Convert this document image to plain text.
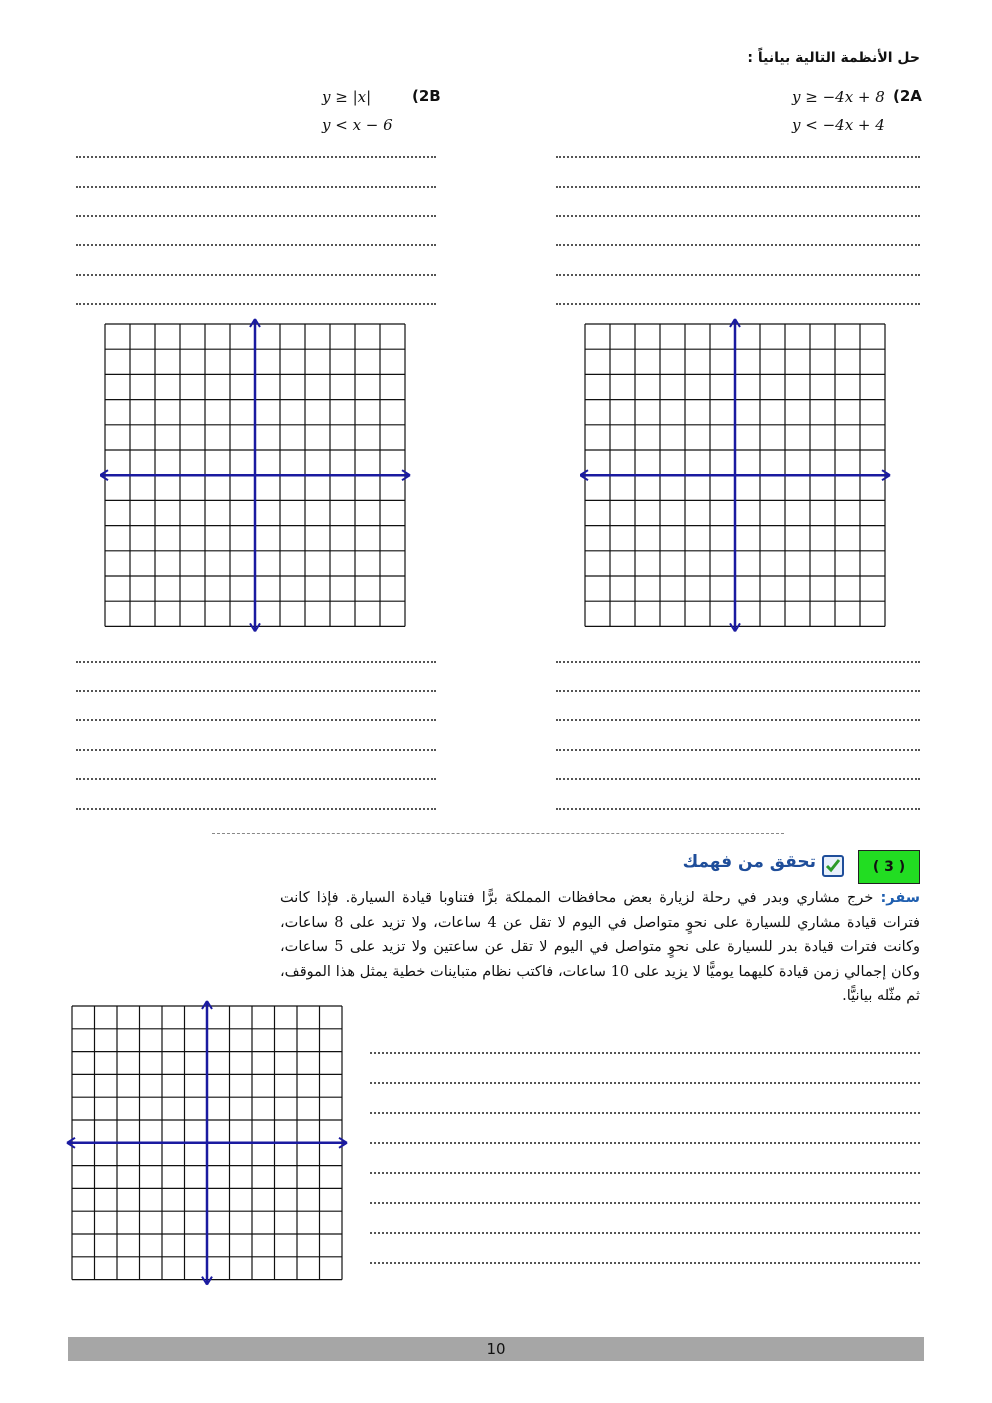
حل الأنظمة التالية بيانياً :
y ≥ −4x + 8 (2A
y < −4x + 4
y ≥ |x|	(2B
y < x − 6
( 3 )
تحقق من فهمك
سفر: خرج مشاري وبدر في رحلة لزيارة بعض محافظات المملكة برًّا فتناوبا قيادة السيارة. فإذا كانت فترات قيادة مشاري للسيارة على نحوٍ متواصل في اليوم لا تقل عن 4 ساعات، ولا تزيد على 8 ساعات، وكانت فترات قيادة بدر للسيارة على نحوٍ متواصل في اليوم لا تقل عن ساعتين ولا تزيد على 5 ساعات، وكان إجمالي زمن قيادة كليهما يوميًّا لا يزيد على 10 ساعات، فاكتب نظام متباينات خطية يمثل هذا الموقف، ثم مثّله بيانيًّا.
10
